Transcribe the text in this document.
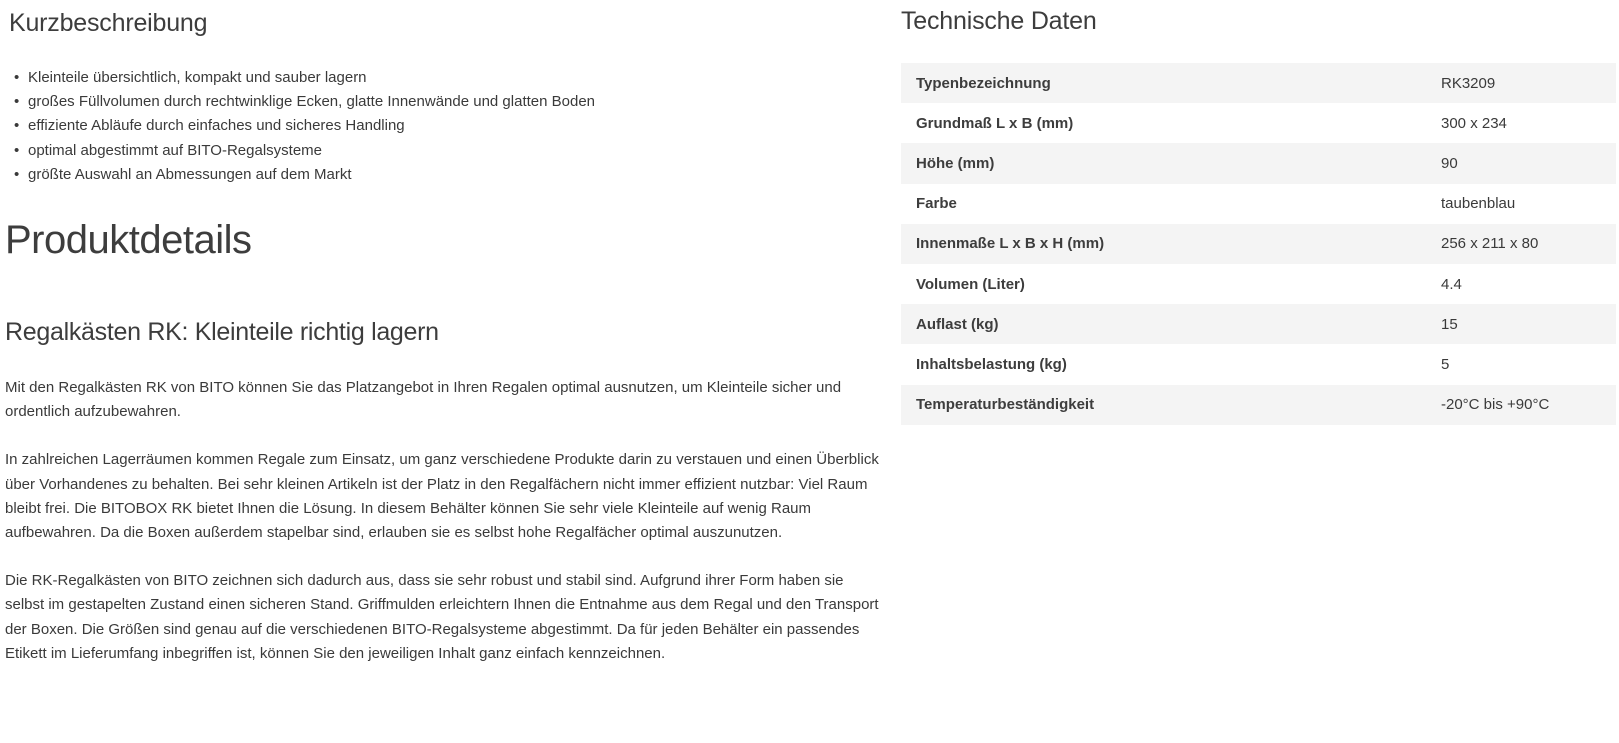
Kurzbeschreibung
• Kleinteile übersichtlich, kompakt und sauber lagern
• großes Füllvolumen durch rechtwinklige Ecken, glatte Innenwände und glatten Boden
• effiziente Abläufe durch einfaches und sicheres Handling
• optimal abgestimmt auf BITO-Regalsysteme
• größte Auswahl an Abmessungen auf dem Markt
Produktdetails
Regalkästen RK: Kleinteile richtig lagern

Mit den Regalkästen RK von BITO können Sie das Platzangebot in Ihren Regalen optimal ausnutzen, um Kleinteile sicher und ordentlich aufzubewahren.

In zahlreichen Lagerräumen kommen Regale zum Einsatz, um ganz verschiedene Produkte darin zu verstauen und einen Überblick über Vorhandenes zu behalten. Bei sehr kleinen Artikeln ist der Platz in den Regalfächern nicht immer effizient nutzbar: Viel Raum bleibt frei. Die BITOBOX RK bietet Ihnen die Lösung. In diesem Behälter können Sie sehr viele Kleinteile auf wenig Raum aufbewahren. Da die Boxen außerdem stapelbar sind, erlauben sie es selbst hohe Regalfächer optimal auszunutzen.

Die RK-Regalkästen von BITO zeichnen sich dadurch aus, dass sie sehr robust und stabil sind. Aufgrund ihrer Form haben sie selbst im gestapelten Zustand einen sicheren Stand. Griffmulden erleichtern Ihnen die Entnahme aus dem Regal und den Transport der Boxen. Die Größen sind genau auf die verschiedenen BITO-Regalsysteme abgestimmt. Da für jeden Behälter ein passendes Etikett im Lieferumfang inbegriffen ist, können Sie den jeweiligen Inhalt ganz einfach kennzeichnen.

Technische Daten
Typenbezeichnung	RK3209
Grundmaß L x B (mm)	300 x 234
Höhe (mm)	90
Farbe	taubenblau
Innenmaße L x B x H (mm)	256 x 211 x 80
Volumen (Liter)	4.4
Auflast (kg)	15
Inhaltsbelastung (kg)	5
Temperaturbeständigkeit	-20°C bis +90°C
